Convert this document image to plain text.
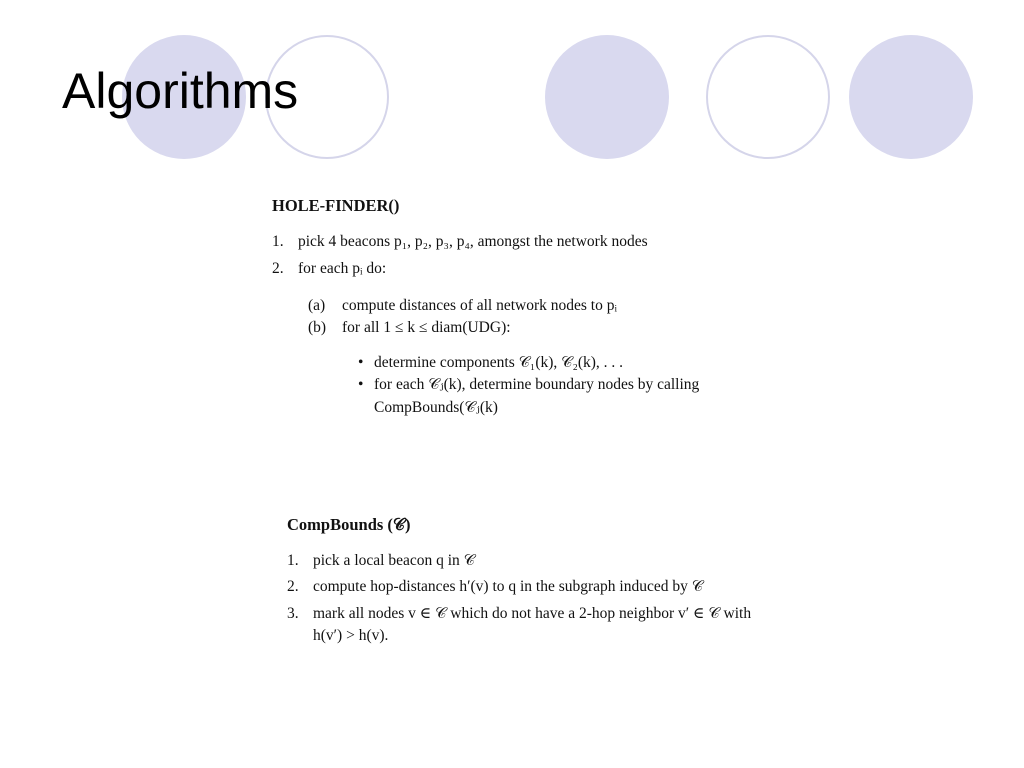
Algorithms
HOLE-FINDER()
1. pick 4 beacons p₁, p₂, p₃, p₄, amongst the network nodes
2. for each pᵢ do:
(a)	compute distances of all network nodes to pᵢ
(b)	for all 1 ≤ k ≤ diam(UDG):
• determine components 𝒞₁(k), 𝒞₂(k), . . .
• for each 𝒞ⱼ(k), determine boundary nodes by calling CompBounds(𝒞ⱼ(k)
CompBounds (𝒞)
1. pick a local beacon q in 𝒞
2. compute hop-distances h′(v) to q in the subgraph induced by 𝒞
3. mark all nodes v ∈ 𝒞 which do not have a 2-hop neighbor v′ ∈ 𝒞 with h(v′) > h(v).
